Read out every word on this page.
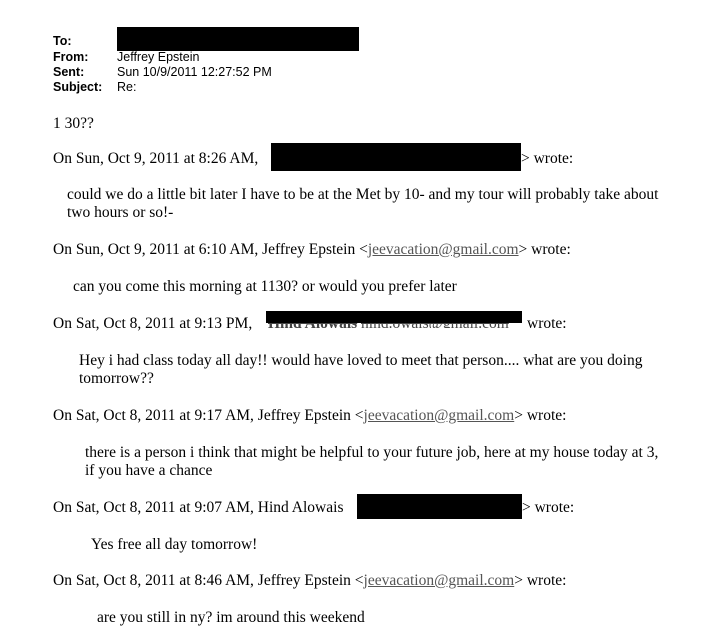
To:
From: Jeffrey Epstein
Sent:	Sun 10/9/2011 12:27:52 PM
Subject: Re:
1 30??
On Sun, Oct 9, 2011 at 8:26 AM,	> wrote:
could we do a little bit later I have to be at the Met by 10- and my tour will probably take about two hours or so!-
On Sun, Oct 9, 2011 at 6:10 AM, Jeffrey Epstein <jeevacation@gmail.com> wrote:
can you come this morning at 1130? or would you prefer later
On Sat, Oct 8, 2011 at 9:13 PM,	wrote:
Hey i had class today all day!! would have loved to meet that person.... what are you doing tomorrow??
On Sat, Oct 8, 2011 at 9:17 AM, Jeffrey Epstein <jeevacation@gmail.com> wrote:
there is a person i think that might be helpful to your future job, here at my house today at 3, if you have a chance
On Sat, Oct 8, 2011 at 9:07 AM, Hind Alowais	> wrote:
Yes free all day tomorrow!
On Sat, Oct 8, 2011 at 8:46 AM, Jeffrey Epstein <jeevacation@gmail.com> wrote:
are you still in ny? im around this weekend
